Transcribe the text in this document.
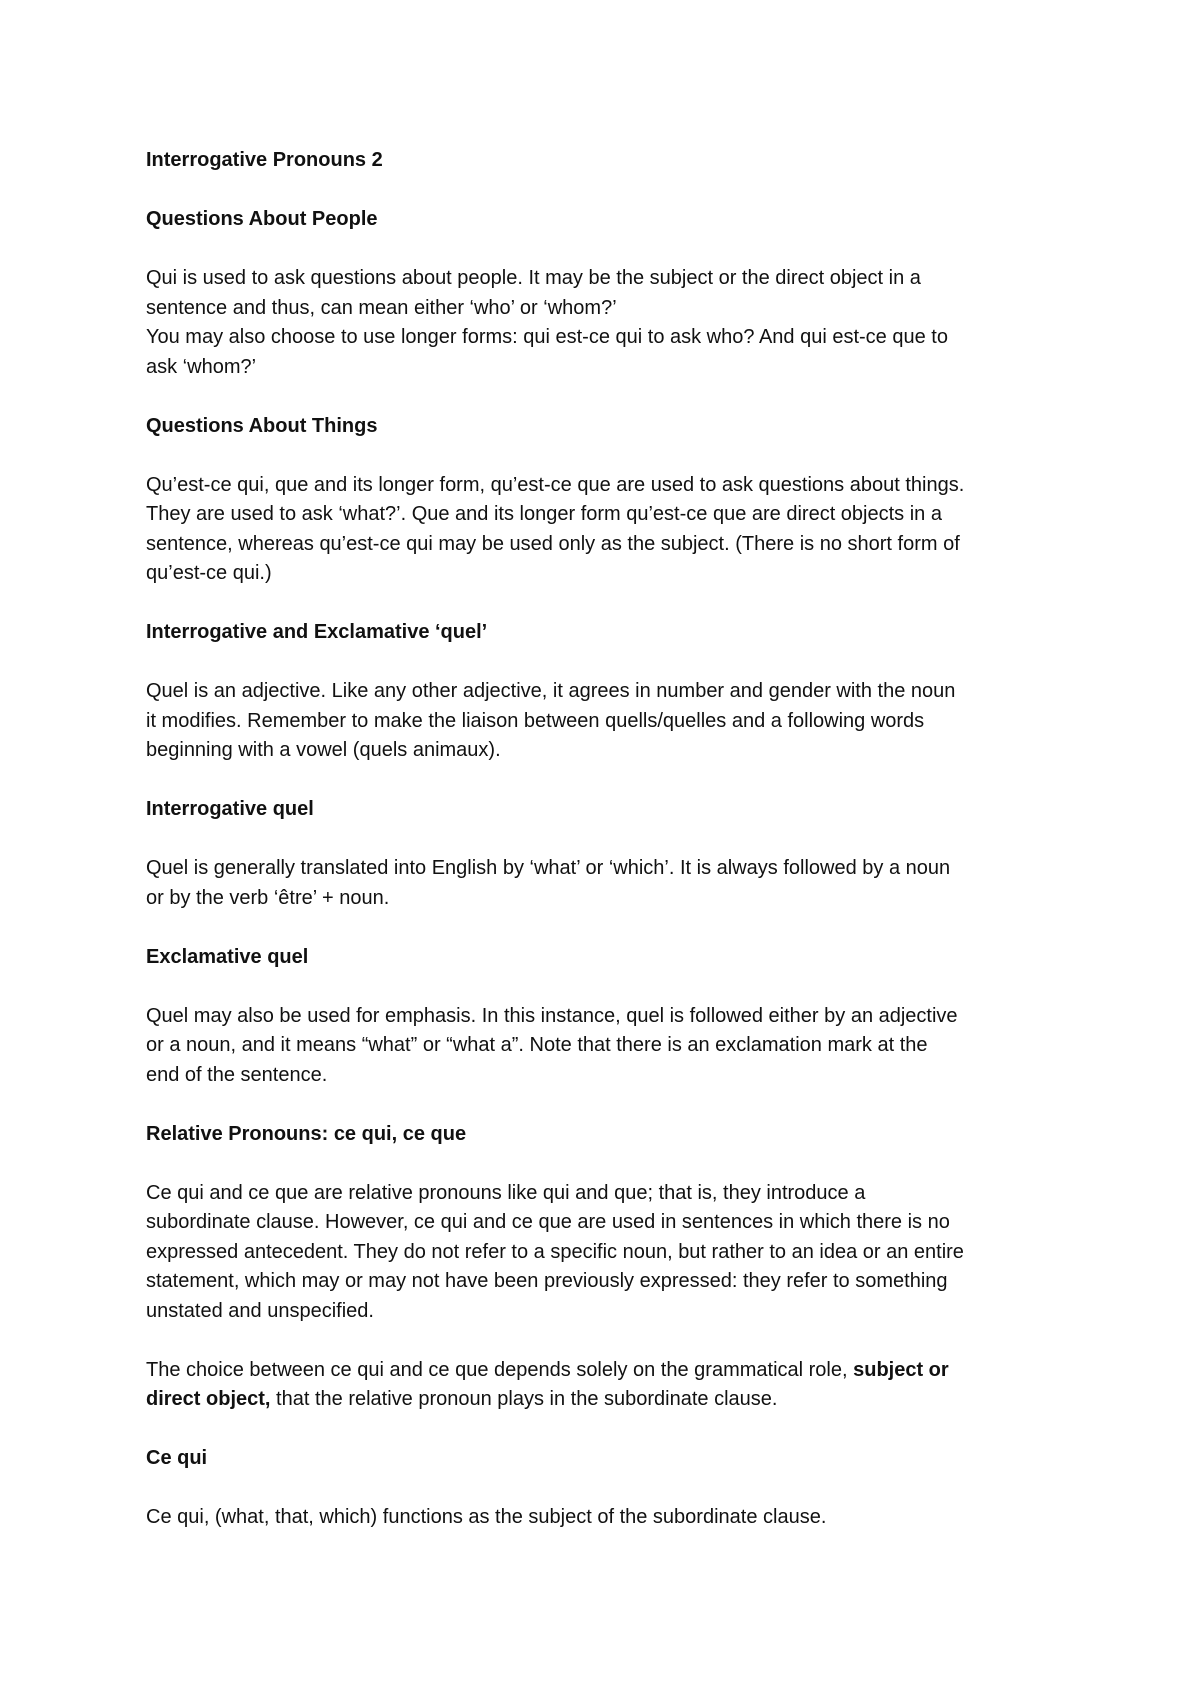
Interrogative Pronouns 2

Questions About People

Qui is used to ask questions about people. It may be the subject or the direct object in a
sentence and thus, can mean either ‘who’ or ‘whom?’
You may also choose to use longer forms: qui est-ce qui to ask who? And qui est-ce que to
ask ‘whom?’

Questions About Things

Qu’est-ce qui, que and its longer form, qu’est-ce que are used to ask questions about things.
They are used to ask ‘what?’. Que and its longer form qu’est-ce que are direct objects in a
sentence, whereas qu’est-ce qui may be used only as the subject. (There is no short form of
qu’est-ce qui.)

Interrogative and Exclamative ‘quel’

Quel is an adjective. Like any other adjective, it agrees in number and gender with the noun
it modifies. Remember to make the liaison between quells/quelles and a following words
beginning with a vowel (quels animaux).

Interrogative quel

Quel is generally translated into English by ‘what’ or ‘which’. It is always followed by a noun
or by the verb ‘être’ + noun.

Exclamative quel

Quel may also be used for emphasis. In this instance, quel is followed either by an adjective
or a noun, and it means “what” or “what a”. Note that there is an exclamation mark at the
end of the sentence.

Relative Pronouns: ce qui, ce que

Ce qui and ce que are relative pronouns like qui and que; that is, they introduce a
subordinate clause. However, ce qui and ce que are used in sentences in which there is no
expressed antecedent. They do not refer to a specific noun, but rather to an idea or an entire
statement, which may or may not have been previously expressed: they refer to something
unstated and unspecified.

The choice between ce qui and ce que depends solely on the grammatical role, subject or
direct object, that the relative pronoun plays in the subordinate clause.

Ce qui

Ce qui, (what, that, which) functions as the subject of the subordinate clause.
